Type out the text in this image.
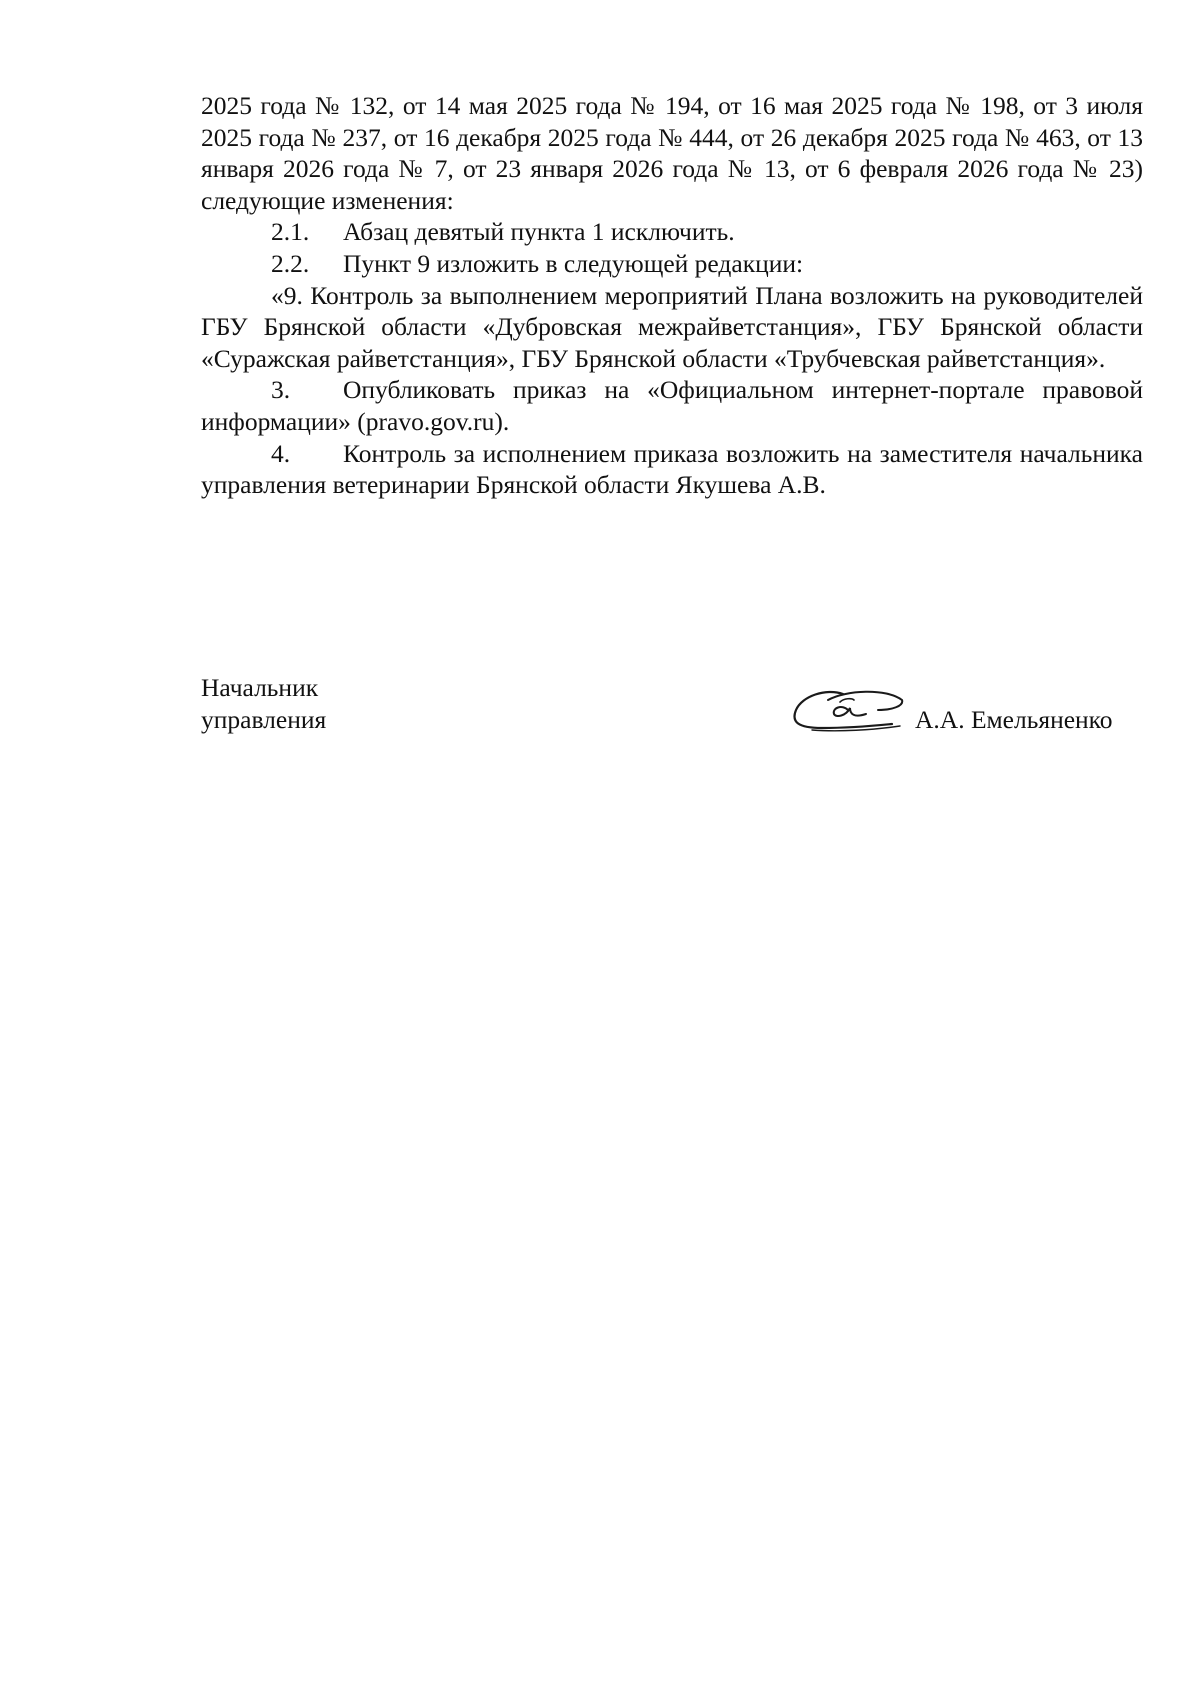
2025 года № 132, от 14 мая 2025 года № 194, от 16 мая 2025 года № 198, от 3 июля 2025 года № 237, от 16 декабря 2025 года № 444, от 26 декабря 2025 года № 463, от 13 января 2026 года № 7, от 23 января 2026 года № 13, от 6 февраля 2026 года № 23) следующие изменения:

2.1.	Абзац девятый пункта 1 исключить.
2.2.	Пункт 9 изложить в следующей редакции:

«9. Контроль за выполнением мероприятий Плана возложить на руководителей ГБУ Брянской области «Дубровская межрайветстанция», ГБУ Брянской области «Суражская райветстанция», ГБУ Брянской области «Трубчевская райветстанция».

3. Опубликовать приказ на «Официальном интернет-портале правовой информации» (pravo.gov.ru).

4. Контроль за исполнением приказа возложить на заместителя начальника управления ветеринарии Брянской области Якушева А.В.

Начальник
управления	А.А. Емельяненко
